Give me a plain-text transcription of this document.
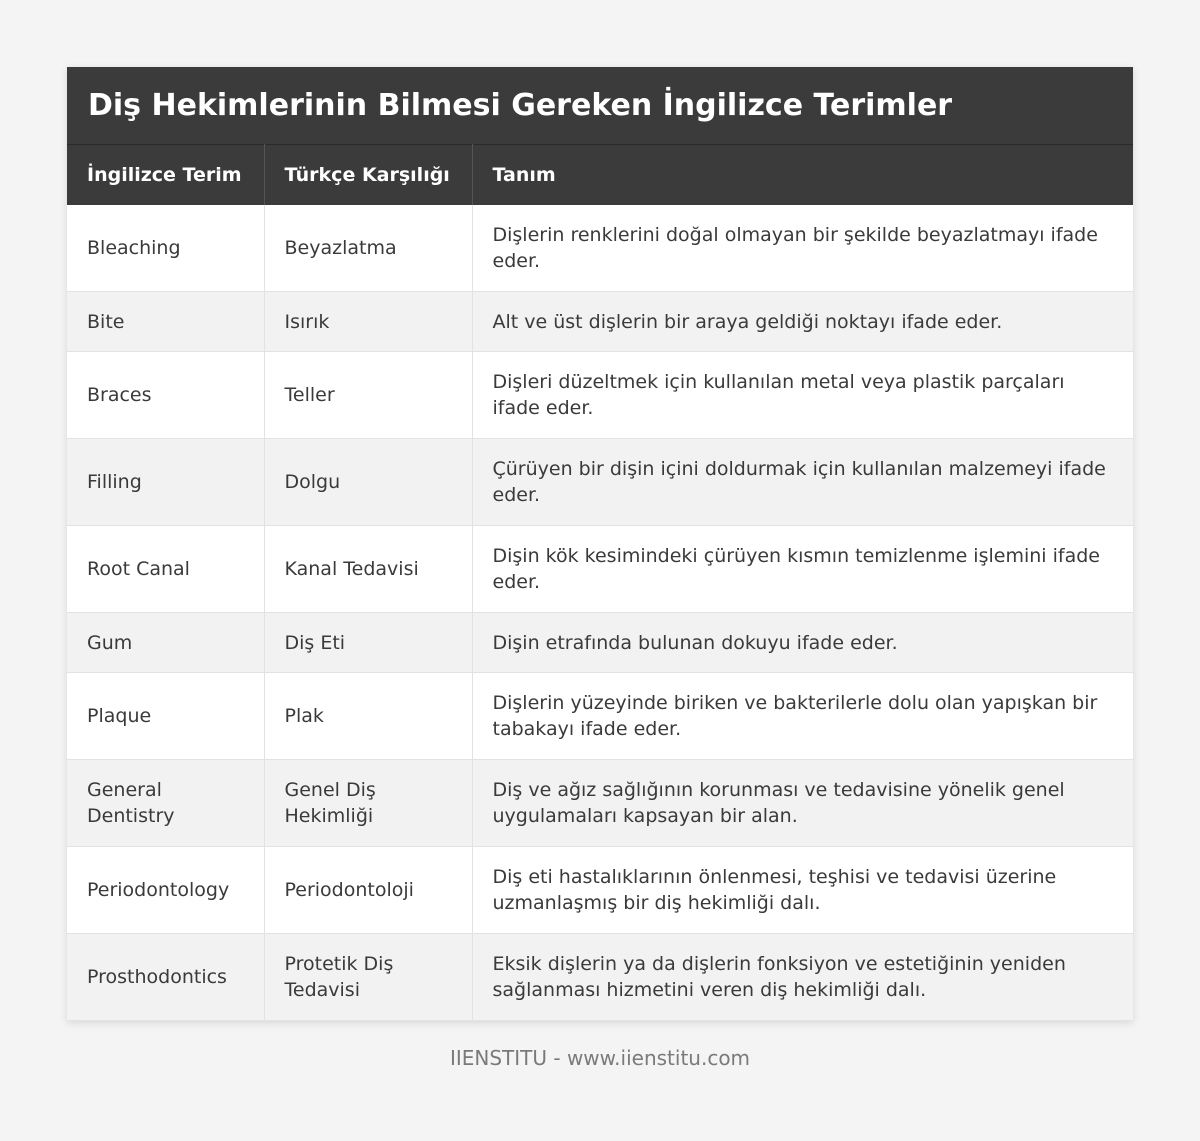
Diş Hekimlerinin Bilmesi Gereken İngilizce Terimler
İngilizce Terim	Türkçe Karşılığı	Tanım
Bleaching	Beyazlatma	Dişlerin renklerini doğal olmayan bir şekilde beyazlatmayı ifade eder.
Bite	Isırık	Alt ve üst dişlerin bir araya geldiği noktayı ifade eder.
Braces	Teller	Dişleri düzeltmek için kullanılan metal veya plastik parçaları ifade eder.
Filling	Dolgu	Çürüyen bir dişin içini doldurmak için kullanılan malzemeyi ifade eder.
Root Canal	Kanal Tedavisi	Dişin kök kesimindeki çürüyen kısmın temizlenme işlemini ifade eder.
Gum	Diş Eti	Dişin etrafında bulunan dokuyu ifade eder.
Plaque	Plak	Dişlerin yüzeyinde biriken ve bakterilerle dolu olan yapışkan bir tabakayı ifade eder.
General Dentistry	Genel Diş Hekimliği	Diş ve ağız sağlığının korunması ve tedavisine yönelik genel uygulamaları kapsayan bir alan.
Periodontology	Periodontoloji	Diş eti hastalıklarının önlenmesi, teşhisi ve tedavisi üzerine uzmanlaşmış bir diş hekimliği dalı.
Prosthodontics	Protetik Diş Tedavisi	Eksik dişlerin ya da dişlerin fonksiyon ve estetiğinin yeniden sağlanması hizmetini veren diş hekimliği dalı.
IIENSTITU - www.iienstitu.com
